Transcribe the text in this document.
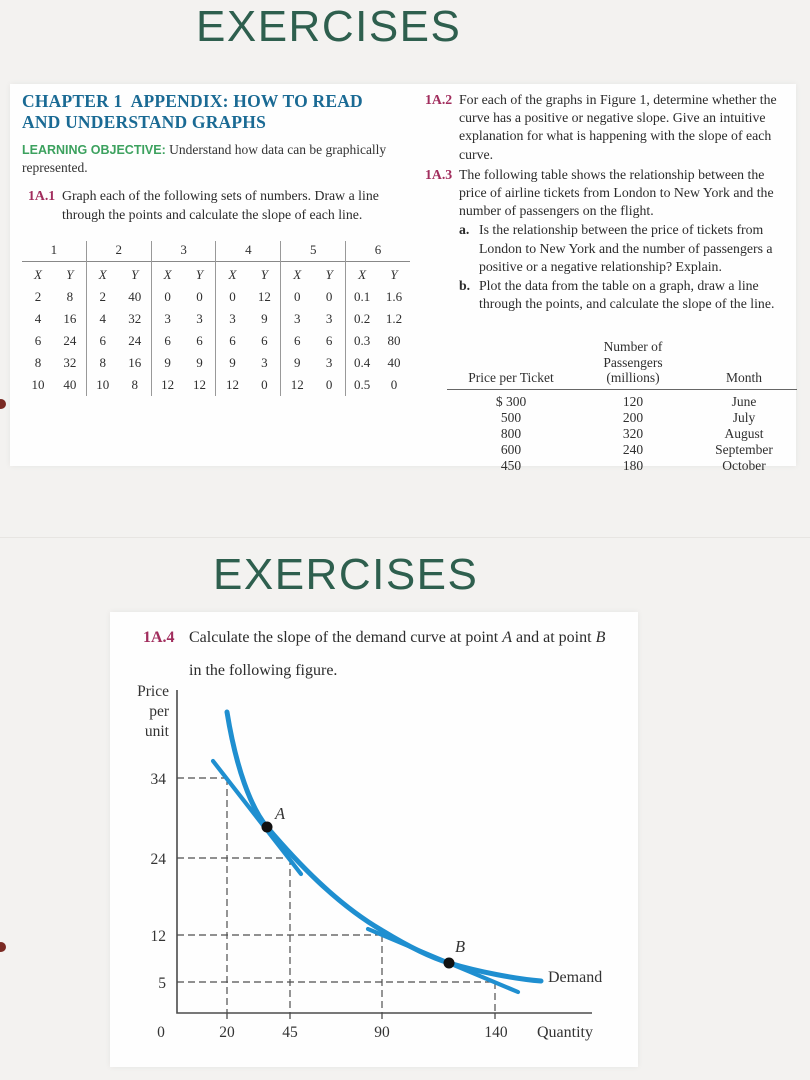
EXERCISES
CHAPTER 1  APPENDIX: HOW TO READ
AND UNDERSTAND GRAPHS

LEARNING OBJECTIVE: Understand how data can be graphically represented.

1A.1 Graph each of the following sets of numbers. Draw a line through the points and calculate the slope of each line.
1
X	Y
2	8
4	16
6	24
8	32
10	40
2
X	Y
2	40
4	32
6	24
8	16
10	8
3
X	Y
0	0
3	3
6	6
9	9
12	12
4
X	Y
0	12
3	9
6	6
9	3
12	0
5
X	Y
0	0
3	3
6	6
9	3
12	0
6
X	Y
0.1	1.6
0.2	1.2
0.3	80
0.4	40
0.5	0
1A.2 For each of the graphs in Figure 1, determine whether the curve has a positive or negative slope. Give an intuitive explanation for what is happening with the slope of each curve.
1A.3 The following table shows the relationship between the price of airline tickets from London to New York and the number of passengers on the flight.
a. Is the relationship between the price of tickets from London to New York and the number of passengers a positive or a negative relationship? Explain.
b. Plot the data from the table on a graph, draw a line through the points, and calculate the slope of the line.
Price per Ticket	Number of
Passengers
(millions)	Month
$ 300	120	June
500	200	July
800	320	August
600	240	September
450	180	October
EXERCISES
1A.4 Calculate the slope of the demand curve at point A and at point B in the following figure.
Price
per
unit
34
24
12
5
0	20	45	90	140 Quantity
Demand
A
B
